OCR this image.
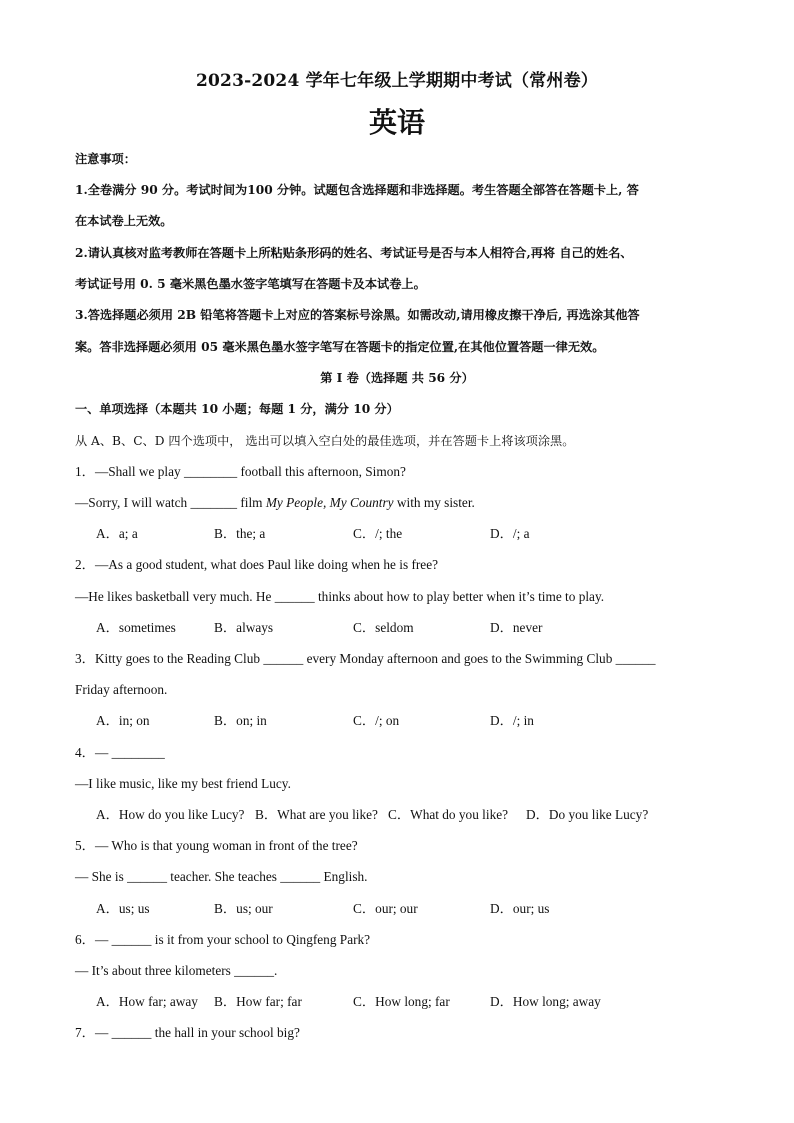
2023-2024 学年七年级上学期期中考试（常州卷）
英语
注意事项：
1.全卷满分 90 分。考试时间为100 分钟。试题包含选择题和非选择题。考生答题全部答在答题卡上, 答
在本试卷上无效。
2.请认真核对监考教师在答题卡上所粘贴条形码的姓名、考试证号是否与本人相符合,再将 自己的姓名、
考试证号用 0. 5 毫米黑色墨水签字笔填写在答题卡及本试卷上。
3.答选择题必须用 2B 铅笔将答题卡上对应的答案标号涂黑。如需改动,请用橡皮擦干净后, 再选涂其他答
案。答非选择题必须用 05 毫米黑色墨水签字笔写在答题卡的指定位置,在其他位置答题一律无效。
第 I 卷（选择题 共 56 分）
一、单项选择（本题共 10 小题；每题 1 分，满分 10 分）
从 A、B、C、D 四个选项中， 选出可以填入空白处的最佳选项，并在答题卡上将该项涂黑。
1．—Shall we play ________ football this afternoon, Simon?
—Sorry, I will watch _______ film My People, My Country with my sister.
A．a; a	B．the; a	C．/; the	D．/; a
2．—As a good student, what does Paul like doing when he is free?
—He likes basketball very much. He ______ thinks about how to play better when it’s time to play.
A．sometimes	B．always	C．seldom	D．never
3．Kitty goes to the Reading Club ______ every Monday afternoon and goes to the Swimming Club ______
Friday afternoon.
A．in; on	B．on; in	C．/; on	D．/; in
4．— ________
—I like music, like my best friend Lucy.
A．How do you like Lucy? B．What are you like? C．What do you like? D．Do you like Lucy?
5．— Who is that young woman in front of the tree?
— She is ______ teacher. She teaches ______ English.
A．us; us	B．us; our	C．our; our	D．our; us
6．— ______ is it from your school to Qingfeng Park?
— It’s about three kilometers ______.
A．How far; away B．How far; far	C．How long; far	D．How long; away
7．— ______ the hall in your school big?
